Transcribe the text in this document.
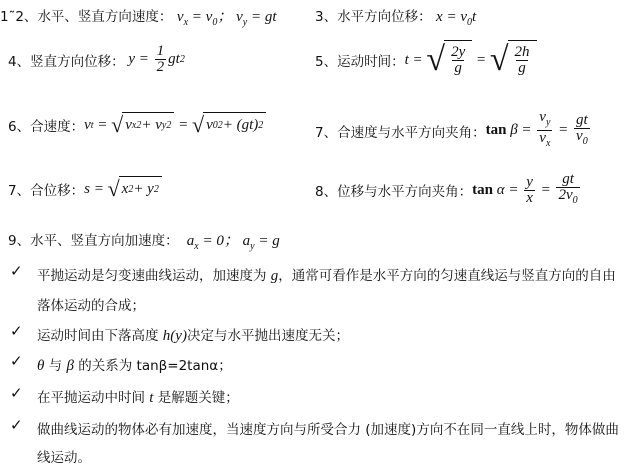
1˜2、水平、竖直方向速度： $v_x = v_0$； $v_y$ = gt	3、水平方向位移： $x = v_0t$
4、 竖直方向位移： $y = \frac{1}{2}$ gt 2	5、 运动时间： t = √ $\frac{2y}{g}$ = √ $\frac{2h}{g}$
6、 合速度： v t = √ v x 2 + v y 2 = √ v 0 2 + (gt) 2	7、 合速度与水平方向夹角： $\tan \beta = \frac{v_y}{v_x} = \frac{gt}{v_0}$
7、 合位移： s = √ x 2 + y 2	8、 位移与水平方向夹角： $\tan \alpha = \frac{y}{x} = \frac{gt}{2v_0}$
9、水平、竖直方向加速度：  $a_x = 0$； $a_y = g$
✓ 平抛运动是匀变速曲线运动，加速度为 g，通常可看作是水平方向的匀速直线运与竖直方向的自由
落体运动的合成；
✓ 运动时间由下落高度 h(y)决定与水平抛出速度无关；
✓ θ 与 β 的关系为 tanβ=2tanα；
✓ 在平抛运动中时间 t 是解题关键；
✓ 做曲线运动的物体必有加速度，当速度方向与所受合力 (加速度)方向不在同一直线上时，物体做曲
线运动。
